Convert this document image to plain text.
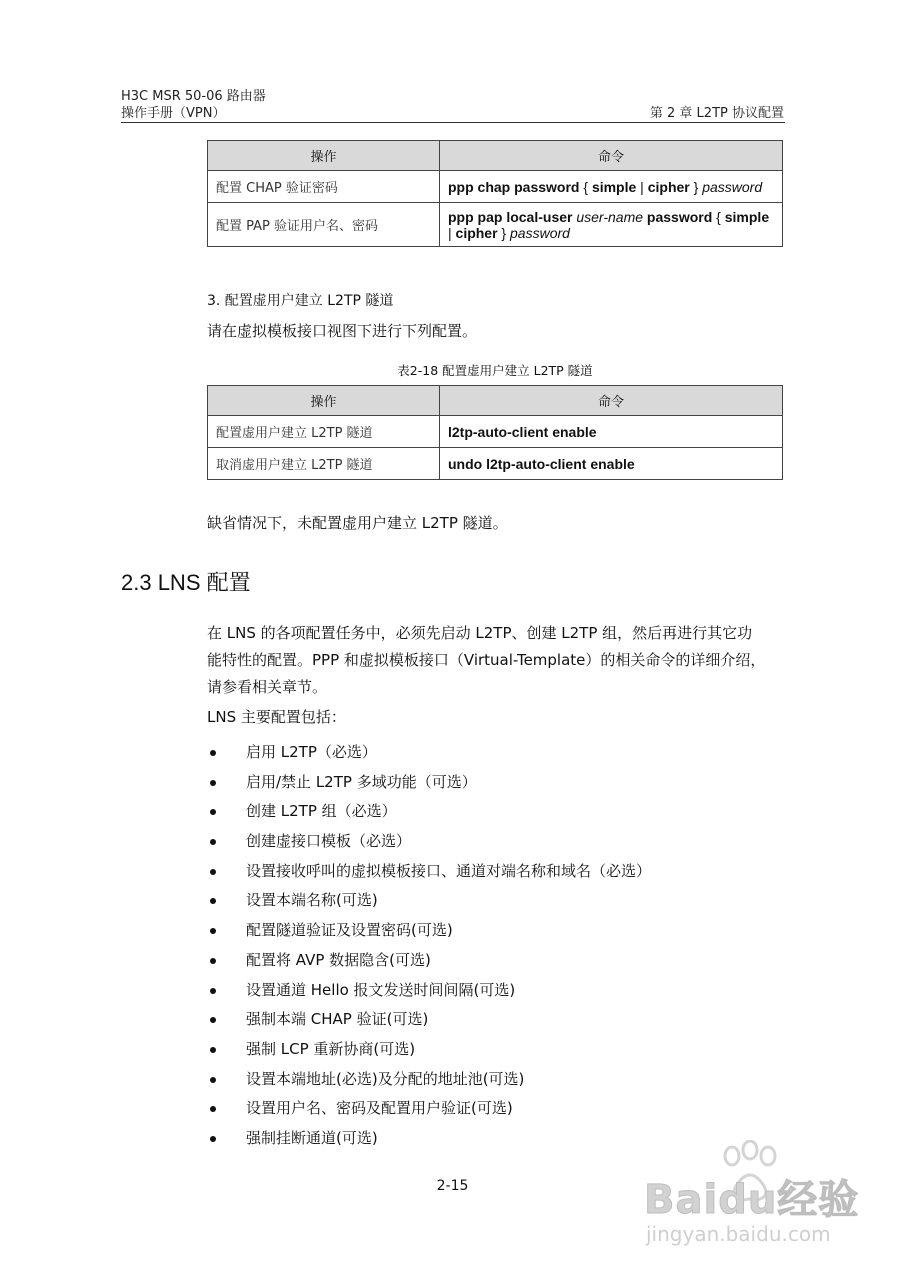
H3C MSR 50-06 路由器
操作手册（VPN）	第 2 章 L2TP 协议配置
操作	命令
配置 CHAP 验证密码	ppp chap password { simple | cipher } password
配置 PAP 验证用户名、密码	ppp pap local-user user-name password { simple | cipher } password
3. 配置虚用户建立 L2TP 隧道
请在虚拟模板接口视图下进行下列配置。
表2-18 配置虚用户建立 L2TP 隧道
操作	命令
配置虚用户建立 L2TP 隧道	l2tp-auto-client enable
取消虚用户建立 L2TP 隧道	undo l2tp-auto-client enable
缺省情况下，未配置虚用户建立 L2TP 隧道。
2.3 LNS 配置
在 LNS 的各项配置任务中，必须先启动 L2TP、创建 L2TP 组，然后再进行其它功
能特性的配置。PPP 和虚拟模板接口（Virtual-Template）的相关命令的详细介绍，
请参看相关章节。
LNS 主要配置包括：
启用 L2TP（必选）
启用/禁止 L2TP 多域功能（可选）
创建 L2TP 组（必选）
创建虚接口模板（必选）
设置接收呼叫的虚拟模板接口、通道对端名称和域名（必选）
设置本端名称(可选)
配置隧道验证及设置密码(可选)
配置将 AVP 数据隐含(可选)
设置通道 Hello 报文发送时间间隔(可选)
强制本端 CHAP 验证(可选)
强制 LCP 重新协商(可选)
设置本端地址(必选)及分配的地址池(可选)
设置用户名、密码及配置用户验证(可选)
强制挂断通道(可选)
2-15	Baidu经验
jingyan.baidu.com
